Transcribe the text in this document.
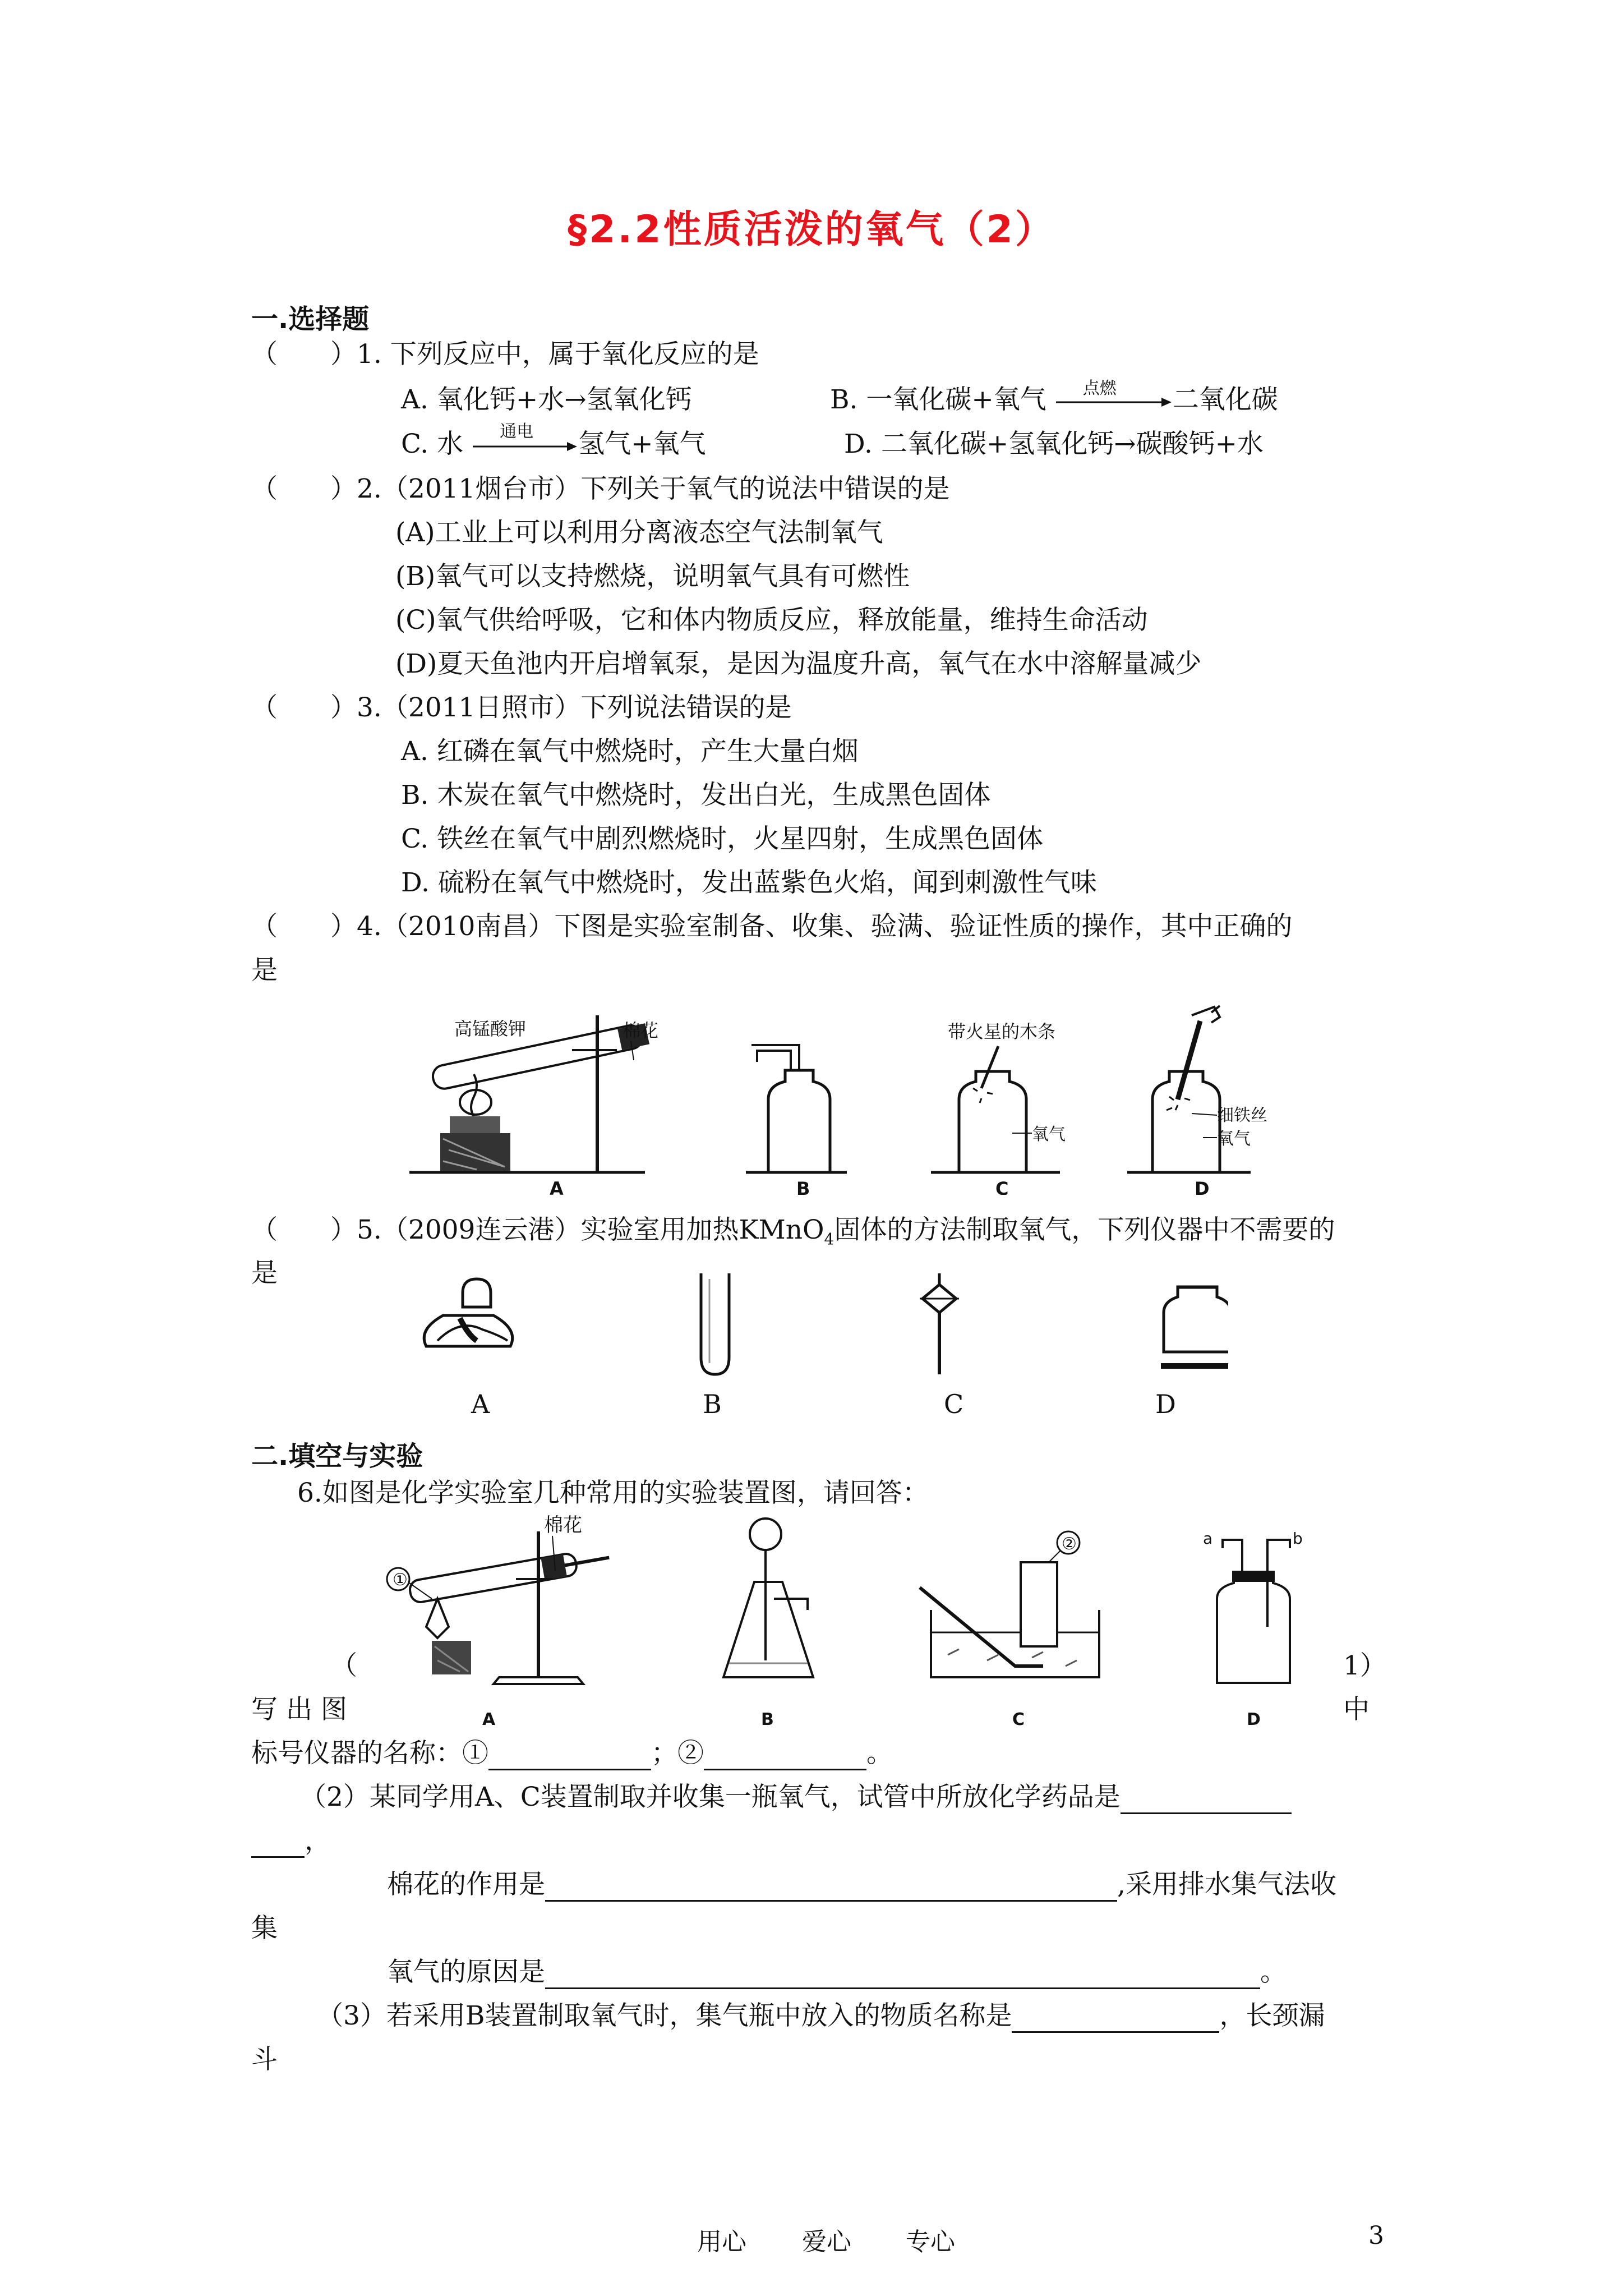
§2.2性质活泼的氧气（2）
一.选择题
（　　）1. 下列反应中，属于氧化反应的是
A. 氧化钙+水→氢氧化钙	B. 一氧化碳+氧气 点燃 二氧化碳
C. 水 通电 氢气+氧气	D. 二氧化碳+氢氧化钙→碳酸钙+水
（　　）2.（2011烟台市）下列关于氧气的说法中错误的是
(A)工业上可以利用分离液态空气法制氧气
(B)氧气可以支持燃烧，说明氧气具有可燃性
(C)氧气供给呼吸，它和体内物质反应，释放能量，维持生命活动
(D)夏天鱼池内开启增氧泵，是因为温度升高，氧气在水中溶解量减少
（　　）3.（2011日照市）下列说法错误的是
A. 红磷在氧气中燃烧时，产生大量白烟
B. 木炭在氧气中燃烧时，发出白光，生成黑色固体
C. 铁丝在氧气中剧烈燃烧时，火星四射，生成黑色固体
D. 硫粉在氧气中燃烧时，发出蓝紫色火焰，闻到刺激性气味
（　　）4.（2010南昌）下图是实验室制备、收集、验满、验证性质的操作，其中正确的
是
高锰酸钾	棉花
A	B
带火星的木条
氧气
C
细铁丝
氧气
D
（　　）5.（2009连云港）实验室用加热KMnO$_4$固体的方法制取氧气，下列仪器中不需要的
是
A	B	C	D
二.填空与实验
6.如图是化学实验室几种常用的实验装置图，请回答：
①
棉花
A	B
②
C
a	b
D
（	1）
写 出 图	中
标号仪器的名称：①	；②	。
（2）某同学用A、C装置制取并收集一瓶氧气，试管中所放化学药品是
，
棉花的作用是	,采用排水集气法收
集
氧气的原因是	。
（3）若采用B装置制取氧气时，集气瓶中放入的物质名称是	，长颈漏
斗
用心 爱心 专心	3
